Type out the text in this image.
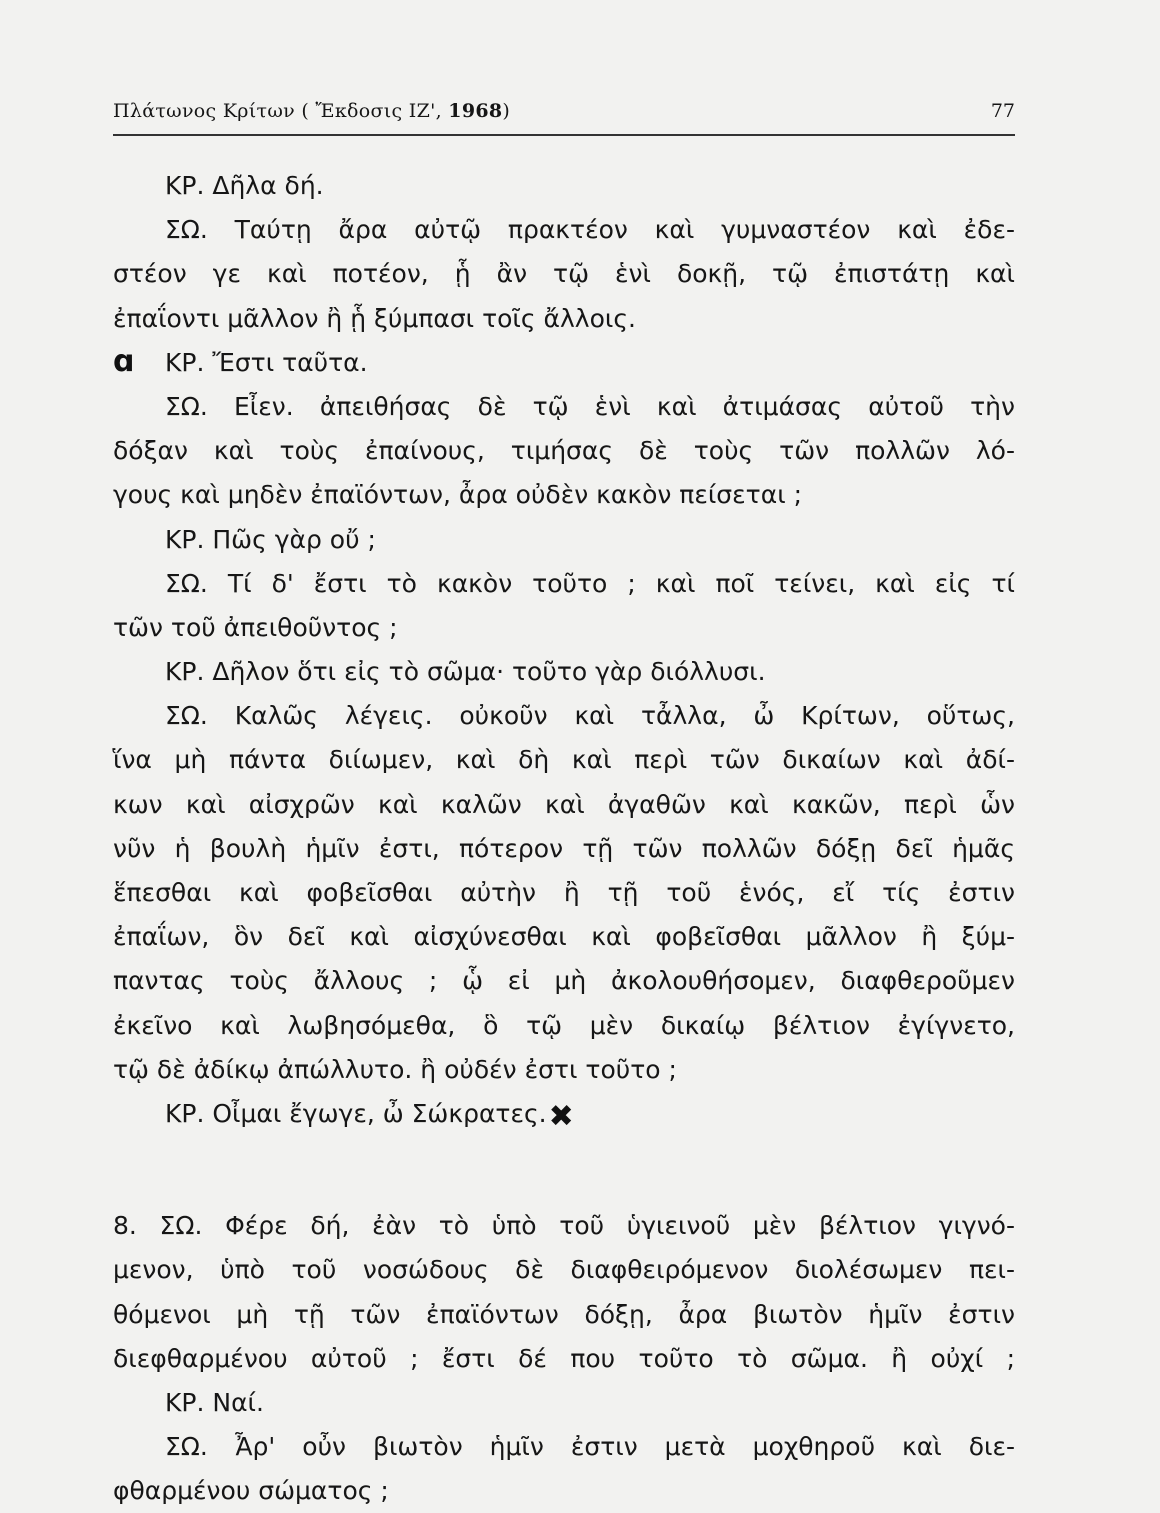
Πλάτωνος Κρίτων ( Ἔκδοσις ΙΖ', 1968)	77
ΚΡ. Δῆλα δή.
ΣΩ. Ταύτῃ ἄρα αὐτῷ πρακτέον καὶ γυμναστέον καὶ ἐδε-
στέον γε καὶ ποτέον, ᾗ ἂν τῷ ἑνὶ δοκῇ, τῷ ἐπιστάτῃ καὶ
ἐπαΐοντι μᾶλλον ἢ ᾗ ξύμπασι τοῖς ἄλλοις.
ɑ ΚΡ. Ἔστι ταῦτα.
ΣΩ. Εἶεν. ἀπειθήσας δὲ τῷ ἑνὶ καὶ ἀτιμάσας αὐτοῦ τὴν
δόξαν καὶ τοὺς ἐπαίνους, τιμήσας δὲ τοὺς τῶν πολλῶν λό-
γους καὶ μηδὲν ἐπαϊόντων, ἆρα οὐδὲν κακὸν πείσεται ;
ΚΡ. Πῶς γὰρ οὔ ;
ΣΩ. Τί δ' ἔστι τὸ κακὸν τοῦτο ; καὶ ποῖ τείνει, καὶ εἰς τί
τῶν τοῦ ἀπειθοῦντος ;
ΚΡ. Δῆλον ὅτι εἰς τὸ σῶμα· τοῦτο γὰρ διόλλυσι.
ΣΩ. Καλῶς λέγεις. οὐκοῦν καὶ τἆλλα, ὦ Κρίτων, οὕτως,
ἵνα μὴ πάντα διίωμεν, καὶ δὴ καὶ περὶ τῶν δικαίων καὶ ἀδί-
κων καὶ αἰσχρῶν καὶ καλῶν καὶ ἀγαθῶν καὶ κακῶν, περὶ ὧν
νῦν ἡ βουλὴ ἡμῖν ἐστι, πότερον τῇ τῶν πολλῶν δόξῃ δεῖ ἡμᾶς
ἕπεσθαι καὶ φοβεῖσθαι αὐτὴν ἢ τῇ τοῦ ἑνός, εἴ τίς ἐστιν
ἐπαΐων, ὃν δεῖ καὶ αἰσχύνεσθαι καὶ φοβεῖσθαι μᾶλλον ἢ ξύμ-
παντας τοὺς ἄλλους ; ᾧ εἰ μὴ ἀκολουθήσομεν, διαφθεροῦμεν
ἐκεῖνο καὶ λωβησόμεθα, ὃ τῷ μὲν δικαίῳ βέλτιον ἐγίγνετο,
τῷ δὲ ἀδίκῳ ἀπώλλυτο. ἢ οὐδέν ἐστι τοῦτο ;
ΚΡ. Οἶμαι ἔγωγε, ὦ Σώκρατες.✖
8. ΣΩ. Φέρε δή, ἐὰν τὸ ὑπὸ τοῦ ὑγιεινοῦ μὲν βέλτιον γιγνό-
μενον, ὑπὸ τοῦ νοσώδους δὲ διαφθειρόμενον διολέσωμεν πει-
θόμενοι μὴ τῇ τῶν ἐπαϊόντων δόξῃ, ἆρα βιωτὸν ἡμῖν ἐστιν
διεφθαρμένου αὐτοῦ ; ἔστι δέ που τοῦτο τὸ σῶμα. ἢ οὐχί ;
ΚΡ. Ναί.
ΣΩ. Ἆρ' οὖν βιωτὸν ἡμῖν ἐστιν μετὰ μοχθηροῦ καὶ διε-
φθαρμένου σώματος ;
